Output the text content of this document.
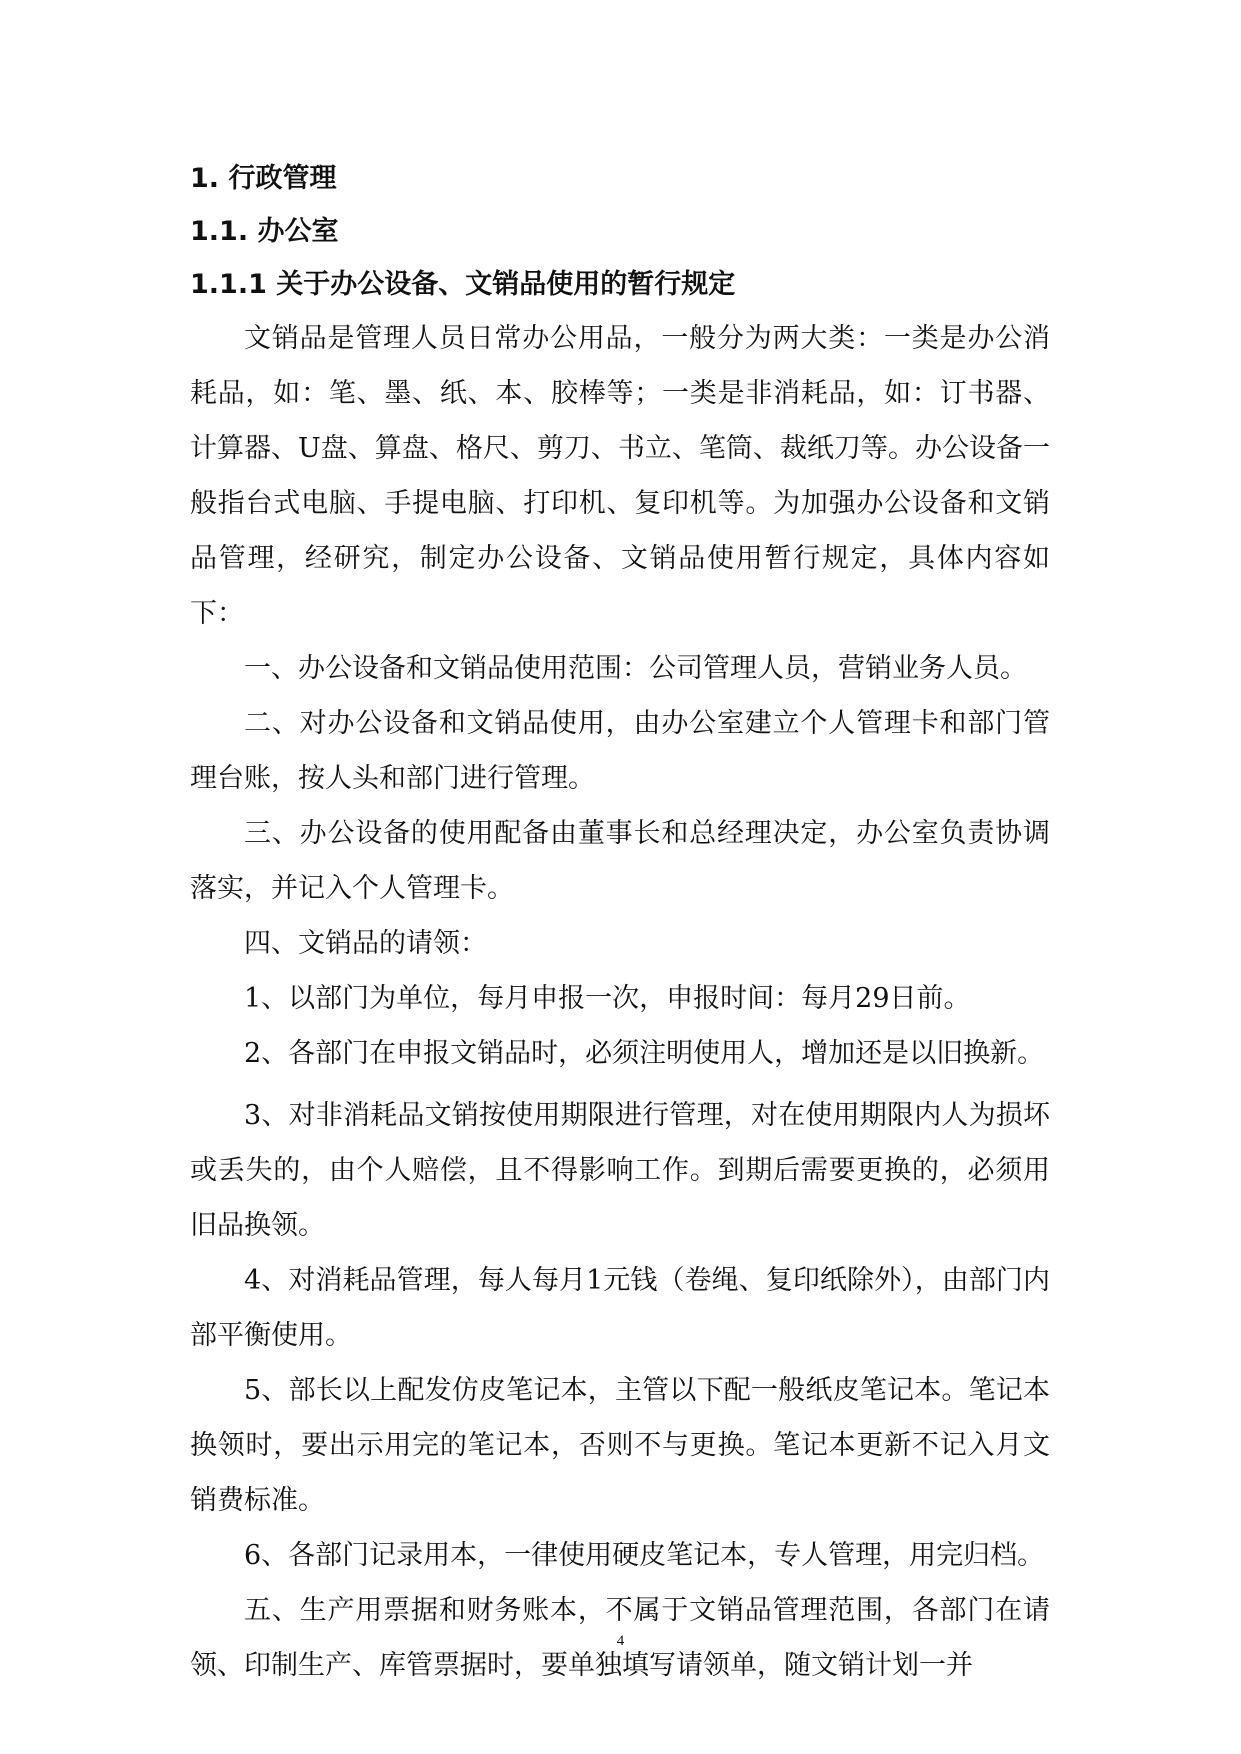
1. 行政管理
1.1. 办公室
1.1.1 关于办公设备、文销品使用的暂行规定

文销品是管理人员日常办公用品，一般分为两大类：一类是办公消耗品，如：笔、墨、纸、本、胶棒等；一类是非消耗品，如：订书器、计算器、U盘、算盘、格尺、剪刀、书立、笔筒、裁纸刀等。办公设备一般指台式电脑、手提电脑、打印机、复印机等。为加强办公设备和文销品管理，经研究，制定办公设备、文销品使用暂行规定，具体内容如下：

一、办公设备和文销品使用范围：公司管理人员，营销业务人员。

二、对办公设备和文销品使用，由办公室建立个人管理卡和部门管理台账，按人头和部门进行管理。

三、办公设备的使用配备由董事长和总经理决定，办公室负责协调落实，并记入个人管理卡。

四、文销品的请领：

1、以部门为单位，每月申报一次，申报时间：每月29日前。

2、各部门在申报文销品时，必须注明使用人，增加还是以旧换新。

3、对非消耗品文销按使用期限进行管理，对在使用期限内人为损坏或丢失的，由个人赔偿，且不得影响工作。到期后需要更换的，必须用旧品换领。

4、对消耗品管理，每人每月1元钱（卷绳、复印纸除外），由部门内部平衡使用。

5、部长以上配发仿皮笔记本，主管以下配一般纸皮笔记本。笔记本换领时，要出示用完的笔记本，否则不与更换。笔记本更新不记入月文销费标准。

6、各部门记录用本，一律使用硬皮笔记本，专人管理，用完归档。

五、生产用票据和财务账本，不属于文销品管理范围，各部门在请领、印制生产、库管票据时，要单独填写请领单，随文销计划一并

4
